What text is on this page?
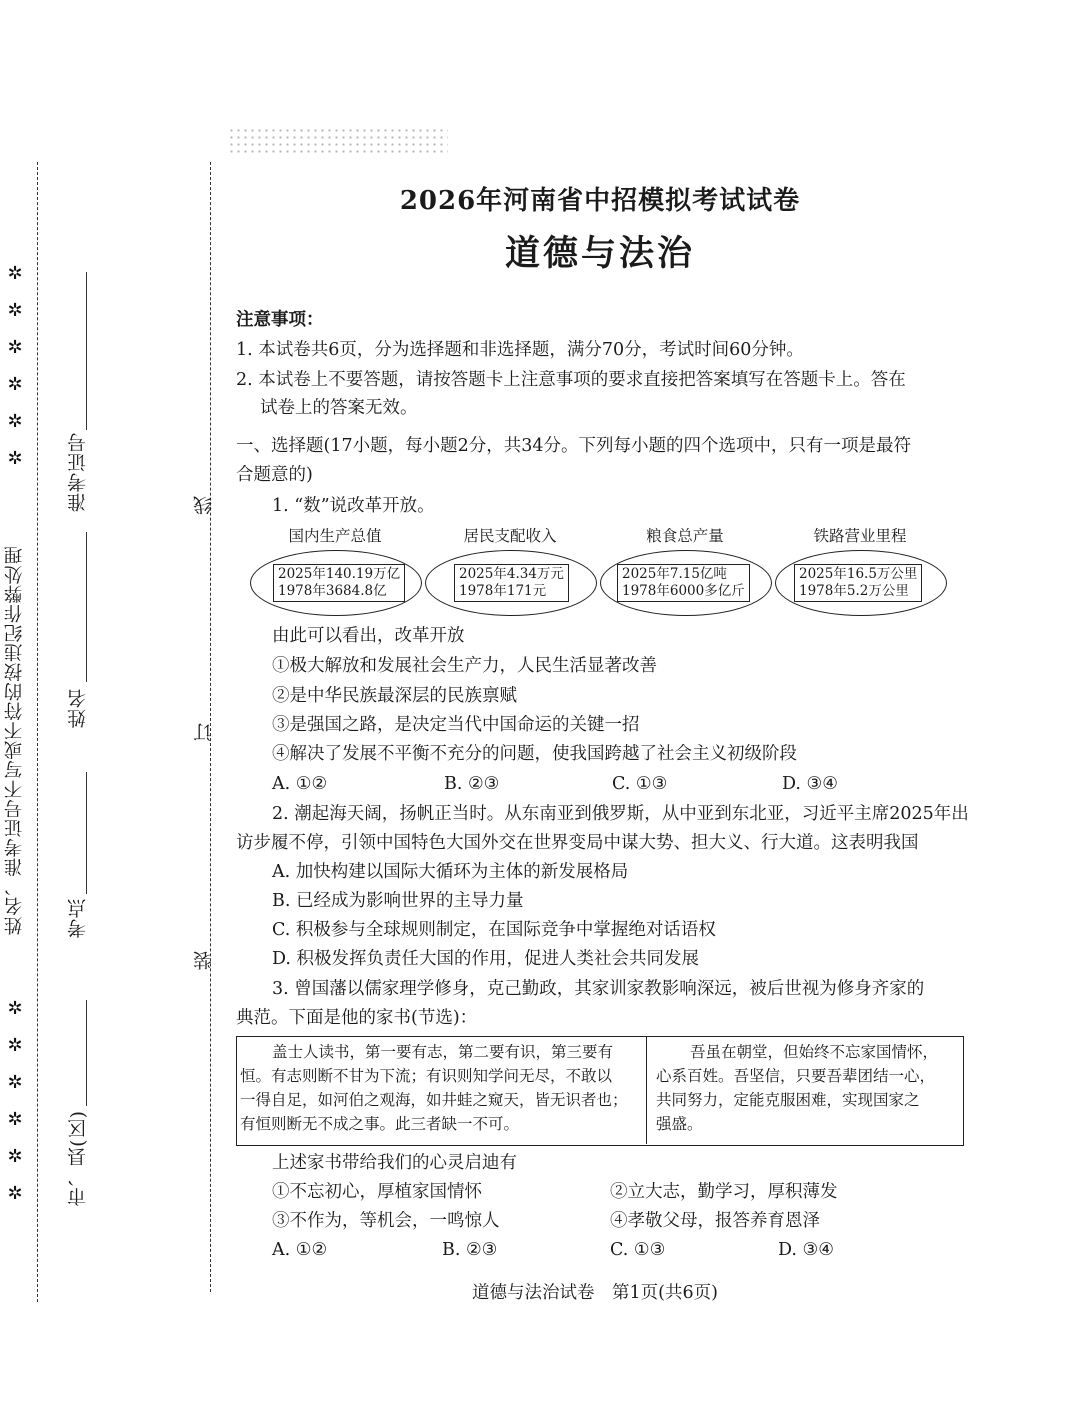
✲
✲
✲
✲
✲
✲
✲
✲
✲
✲
✲
✲
姓名、准考证号不写或不符的按违纪作弊处理
准考证号
姓名
考点
市、县(区)
线
订
装
2026年河南省中招模拟考试试卷
道德与法治
注意事项：
1. 本试卷共6页，分为选择题和非选择题，满分70分，考试时间60分钟。
2. 本试卷上不要答题，请按答题卡上注意事项的要求直接把答案填写在答题卡上。答在
试卷上的答案无效。
一、选择题(17小题，每小题2分，共34分。下列每小题的四个选项中，只有一项是最符
合题意的)
1. “数”说改革开放。
国内生产总值	居民支配收入	粮食总产量	铁路营业里程
2025年140.19万亿
1978年3684.8亿
2025年4.34万元
1978年171元
2025年7.15亿吨
1978年6000多亿斤
2025年16.5万公里
1978年5.2万公里
由此可以看出，改革开放
①极大解放和发展社会生产力，人民生活显著改善
②是中华民族最深层的民族禀赋
③是强国之路，是决定当代中国命运的关键一招
④解决了发展不平衡不充分的问题，使我国跨越了社会主义初级阶段
A. ①②	B. ②③	C. ①③	D. ③④
2. 潮起海天阔，扬帆正当时。从东南亚到俄罗斯，从中亚到东北亚，习近平主席2025年出
访步履不停，引领中国特色大国外交在世界变局中谋大势、担大义、行大道。这表明我国
A. 加快构建以国际大循环为主体的新发展格局
B. 已经成为影响世界的主导力量
C. 积极参与全球规则制定，在国际竞争中掌握绝对话语权
D. 积极发挥负责任大国的作用，促进人类社会共同发展
3. 曾国藩以儒家理学修身，克己勤政，其家训家教影响深远，被后世视为修身齐家的
典范。下面是他的家书(节选)：
盖士人读书，第一要有志，第二要有识，第三要有
恒。有志则断不甘为下流；有识则知学问无尽，不敢以
一得自足，如河伯之观海，如井蛙之窥天，皆无识者也；
有恒则断无不成之事。此三者缺一不可。
吾虽在朝堂，但始终不忘家国情怀，
心系百姓。吾坚信，只要吾辈团结一心，
共同努力，定能克服困难，实现国家之
强盛。
上述家书带给我们的心灵启迪有
①不忘初心，厚植家国情怀	②立大志，勤学习，厚积薄发
③不作为，等机会，一鸣惊人	④孝敬父母，报答养育恩泽
A. ①②	B. ②③	C. ①③	D. ③④
道德与法治试卷　第1页(共6页)
